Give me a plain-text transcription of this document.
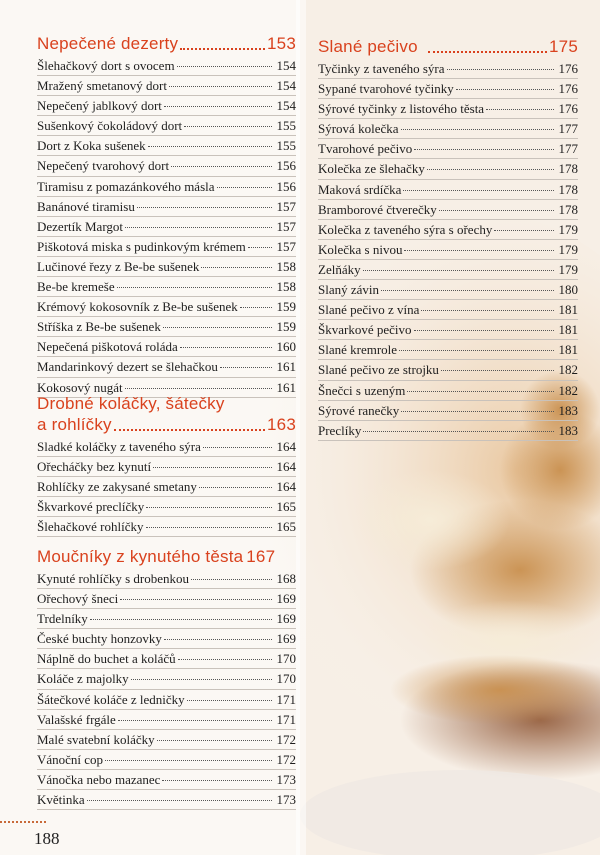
Nepečené dezerty	153
Šlehačkový dort s ovocem	154
Mražený smetanový dort	154
Nepečený jablkový dort	154
Sušenkový čokoládový dort	155
Dort z Koka sušenek	155
Nepečený tvarohový dort	156
Tiramisu z pomazánkového másla	156
Banánové tiramisu	157
Dezertík Margot	157
Piškotová miska s pudinkovým krémem 157
Lučinové řezy z Be-be sušenek	158
Be-be kremeše	158
Krémový kokosovník z Be-be sušenek	159
Stříška z Be-be sušenek	159
Nepečená piškotová roláda	160
Mandarinkový dezert se šlehačkou	161
Kokosový nugát	161
Drobné koláčky, šátečky
a rohlíčky	163
Sladké koláčky z taveného sýra	164
Ořecháčky bez kynutí	164
Rohlíčky ze zakysané smetany	164
Škvarkové preclíčky	165
Šlehačkové rohlíčky	165
Moučníky z kynutého těsta 167
Kynuté rohlíčky s drobenkou	168
Ořechový šneci	169
Trdelníky	169
České buchty honzovky	169
Náplně do buchet a koláčů	170
Koláče z majolky	170
Šátečkové koláče z ledničky	171
Valašské frgále	171
Malé svatební koláčky	172
Vánoční cop	172
Vánočka nebo mazanec	173
Květinka	173
Slané pečivo	175
Tyčinky z taveného sýra	176
Sypané tvarohové tyčinky	176
Sýrové tyčinky z listového těsta	176
Sýrová kolečka	177
Tvarohové pečivo	177
Kolečka ze šlehačky	178
Maková srdíčka	178
Bramborové čtverečky	178
Kolečka z taveného sýra s ořechy	179
Kolečka s nivou	179
Zelňáky	179
Slaný závin	180
Slané pečivo z vína	181
Škvarkové pečivo	181
Slané kremrole	181
Slané pečivo ze strojku	182
Šnečci s uzeným	182
Sýrové ranečky	183
Preclíky	183
188
